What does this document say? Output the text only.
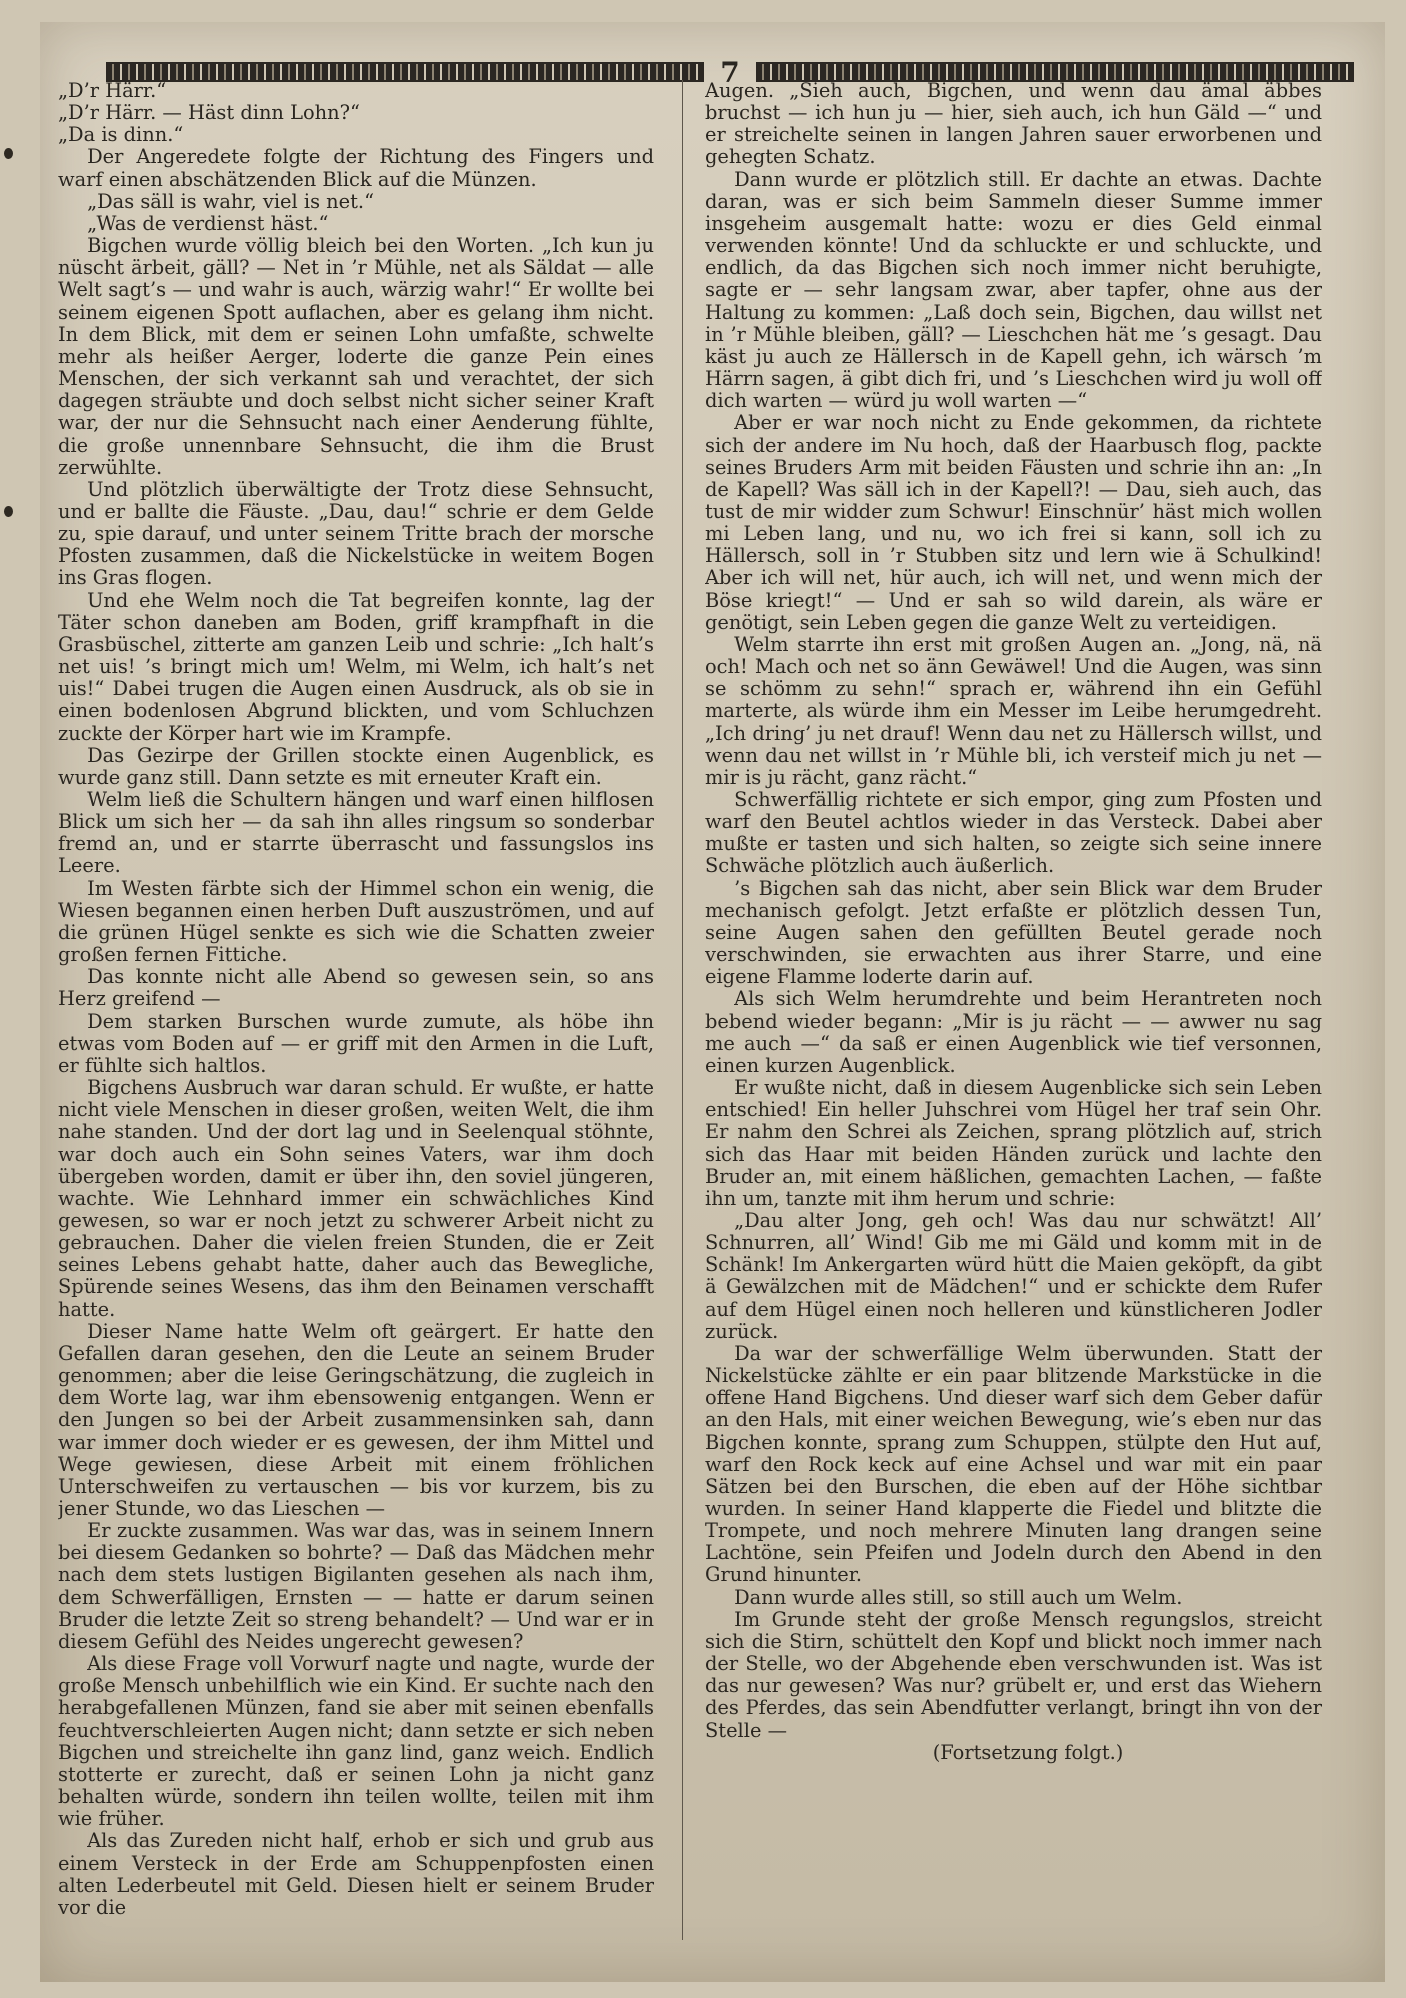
7

„D’r Härr.“

„D’r Härr. — Häst dinn Lohn?“

„Da is dinn.“

Der Angeredete folgte der Richtung des Fingers und warf einen abschätzenden Blick auf die Münzen.

„Das säll is wahr, viel is net.“

„Was de verdienst häst.“

Bigchen wurde völlig bleich bei den Worten. „Ich kun ju nüscht ärbeit, gäll? — Net in ’r Mühle, net als Säldat — alle Welt sagt’s — und wahr is auch, wärzig wahr!“ Er wollte bei seinem eigenen Spott auflachen, aber es gelang ihm nicht. In dem Blick, mit dem er seinen Lohn umfaßte, schwelte mehr als heißer Aerger, loderte die ganze Pein eines Menschen, der sich verkannt sah und verachtet, der sich dagegen sträubte und doch selbst nicht sicher seiner Kraft war, der nur die Sehnsucht nach einer Aenderung fühlte, die große unnennbare Sehnsucht, die ihm die Brust zerwühlte.

Und plötzlich überwältigte der Trotz diese Sehnsucht, und er ballte die Fäuste. „Dau, dau!“ schrie er dem Gelde zu, spie darauf, und unter seinem Tritte brach der morsche Pfosten zusammen, daß die Nickelstücke in weitem Bogen ins Gras flogen.

Und ehe Welm noch die Tat begreifen konnte, lag der Täter schon daneben am Boden, griff krampfhaft in die Grasbüschel, zitterte am ganzen Leib und schrie: „Ich halt’s net uis! ’s bringt mich um! Welm, mi Welm, ich halt’s net uis!“ Dabei trugen die Augen einen Ausdruck, als ob sie in einen bodenlosen Abgrund blickten, und vom Schluchzen zuckte der Körper hart wie im Krampfe.

Das Gezirpe der Grillen stockte einen Augenblick, es wurde ganz still. Dann setzte es mit erneuter Kraft ein.

Welm ließ die Schultern hängen und warf einen hilflosen Blick um sich her — da sah ihn alles ringsum so sonderbar fremd an, und er starrte überrascht und fassungslos ins Leere.

Im Westen färbte sich der Himmel schon ein wenig, die Wiesen begannen einen herben Duft auszuströmen, und auf die grünen Hügel senkte es sich wie die Schatten zweier großen fernen Fittiche.

Das konnte nicht alle Abend so gewesen sein, so ans Herz greifend —

Dem starken Burschen wurde zumute, als höbe ihn etwas vom Boden auf — er griff mit den Armen in die Luft, er fühlte sich haltlos.

Bigchens Ausbruch war daran schuld. Er wußte, er hatte nicht viele Menschen in dieser großen, weiten Welt, die ihm nahe standen. Und der dort lag und in Seelenqual stöhnte, war doch auch ein Sohn seines Vaters, war ihm doch übergeben worden, damit er über ihn, den soviel jüngeren, wachte. Wie Lehnhard immer ein schwächliches Kind gewesen, so war er noch jetzt zu schwerer Arbeit nicht zu gebrauchen. Daher die vielen freien Stunden, die er Zeit seines Lebens gehabt hatte, daher auch das Bewegliche, Spürende seines Wesens, das ihm den Beinamen verschafft hatte.

Dieser Name hatte Welm oft geärgert. Er hatte den Gefallen daran gesehen, den die Leute an seinem Bruder genommen; aber die leise Geringschätzung, die zugleich in dem Worte lag, war ihm ebensowenig entgangen. Wenn er den Jungen so bei der Arbeit zusammensinken sah, dann war immer doch wieder er es gewesen, der ihm Mittel und Wege gewiesen, diese Arbeit mit einem fröhlichen Unterschweifen zu vertauschen — bis vor kurzem, bis zu jener Stunde, wo das Lieschen —

Er zuckte zusammen. Was war das, was in seinem Innern bei diesem Gedanken so bohrte? — Daß das Mädchen mehr nach dem stets lustigen Bigilanten gesehen als nach ihm, dem Schwerfälligen, Ernsten — — hatte er darum seinen Bruder die letzte Zeit so streng behandelt? — Und war er in diesem Gefühl des Neides ungerecht gewesen?

Als diese Frage voll Vorwurf nagte und nagte, wurde der große Mensch unbehilflich wie ein Kind. Er suchte nach den herabgefallenen Münzen, fand sie aber mit seinen ebenfalls feuchtverschleierten Augen nicht; dann setzte er sich neben Bigchen und streichelte ihn ganz lind, ganz weich. Endlich stotterte er zurecht, daß er seinen Lohn ja nicht ganz behalten würde, sondern ihn teilen wollte, teilen mit ihm wie früher.

Als das Zureden nicht half, erhob er sich und grub aus einem Versteck in der Erde am Schuppenpfosten einen alten Lederbeutel mit Geld. Diesen hielt er seinem Bruder vor die

Augen. „Sieh auch, Bigchen, und wenn dau ämal äbbes bruchst — ich hun ju — hier, sieh auch, ich hun Gäld —“ und er streichelte seinen in langen Jahren sauer erworbenen und gehegten Schatz.

Dann wurde er plötzlich still. Er dachte an etwas. Dachte daran, was er sich beim Sammeln dieser Summe immer insgeheim ausgemalt hatte: wozu er dies Geld einmal verwenden könnte! Und da schluckte er und schluckte, und endlich, da das Bigchen sich noch immer nicht beruhigte, sagte er — sehr langsam zwar, aber tapfer, ohne aus der Haltung zu kommen: „Laß doch sein, Bigchen, dau willst net in ’r Mühle bleiben, gäll? — Lieschchen hät me ’s gesagt. Dau käst ju auch ze Hällersch in de Kapell gehn, ich wärsch ’m Härrn sagen, ä gibt dich fri, und ’s Lieschchen wird ju woll off dich warten — würd ju woll warten —“

Aber er war noch nicht zu Ende gekommen, da richtete sich der andere im Nu hoch, daß der Haarbusch flog, packte seines Bruders Arm mit beiden Fäusten und schrie ihn an: „In de Kapell? Was säll ich in der Kapell?! — Dau, sieh auch, das tust de mir widder zum Schwur! Einschnür’ häst mich wollen mi Leben lang, und nu, wo ich frei si kann, soll ich zu Hällersch, soll in ’r Stubben sitz und lern wie ä Schulkind! Aber ich will net, hür auch, ich will net, und wenn mich der Böse kriegt!“ — Und er sah so wild darein, als wäre er genötigt, sein Leben gegen die ganze Welt zu verteidigen.

Welm starrte ihn erst mit großen Augen an. „Jong, nä, nä och! Mach och net so änn Gewäwel! Und die Augen, was sinn se schömm zu sehn!“ sprach er, während ihn ein Gefühl marterte, als würde ihm ein Messer im Leibe herumgedreht. „Ich dring’ ju net drauf! Wenn dau net zu Hällersch willst, und wenn dau net willst in ’r Mühle bli, ich versteif mich ju net — mir is ju rächt, ganz rächt.“

Schwerfällig richtete er sich empor, ging zum Pfosten und warf den Beutel achtlos wieder in das Versteck. Dabei aber mußte er tasten und sich halten, so zeigte sich seine innere Schwäche plötzlich auch äußerlich.

’s Bigchen sah das nicht, aber sein Blick war dem Bruder mechanisch gefolgt. Jetzt erfaßte er plötzlich dessen Tun, seine Augen sahen den gefüllten Beutel gerade noch verschwinden, sie erwachten aus ihrer Starre, und eine eigene Flamme loderte darin auf.

Als sich Welm herumdrehte und beim Herantreten noch bebend wieder begann: „Mir is ju rächt — — awwer nu sag me auch —“ da saß er einen Augenblick wie tief versonnen, einen kurzen Augenblick.

Er wußte nicht, daß in diesem Augenblicke sich sein Leben entschied! Ein heller Juhschrei vom Hügel her traf sein Ohr. Er nahm den Schrei als Zeichen, sprang plötzlich auf, strich sich das Haar mit beiden Händen zurück und lachte den Bruder an, mit einem häßlichen, gemachten Lachen, — faßte ihn um, tanzte mit ihm herum und schrie:

„Dau alter Jong, geh och! Was dau nur schwätzt! All’ Schnurren, all’ Wind! Gib me mi Gäld und komm mit in de Schänk! Im Ankergarten würd hütt die Maien geköpft, da gibt ä Gewälzchen mit de Mädchen!“ und er schickte dem Rufer auf dem Hügel einen noch helleren und künstlicheren Jodler zurück.

Da war der schwerfällige Welm überwunden. Statt der Nickelstücke zählte er ein paar blitzende Markstücke in die offene Hand Bigchens. Und dieser warf sich dem Geber dafür an den Hals, mit einer weichen Bewegung, wie’s eben nur das Bigchen konnte, sprang zum Schuppen, stülpte den Hut auf, warf den Rock keck auf eine Achsel und war mit ein paar Sätzen bei den Burschen, die eben auf der Höhe sichtbar wurden. In seiner Hand klapperte die Fiedel und blitzte die Trompete, und noch mehrere Minuten lang drangen seine Lachtöne, sein Pfeifen und Jodeln durch den Abend in den Grund hinunter.

Dann wurde alles still, so still auch um Welm.

Im Grunde steht der große Mensch regungslos, streicht sich die Stirn, schüttelt den Kopf und blickt noch immer nach der Stelle, wo der Abgehende eben verschwunden ist. Was ist das nur gewesen? Was nur? grübelt er, und erst das Wiehern des Pferdes, das sein Abendfutter verlangt, bringt ihn von der Stelle —

(Fortsetzung folgt.)
